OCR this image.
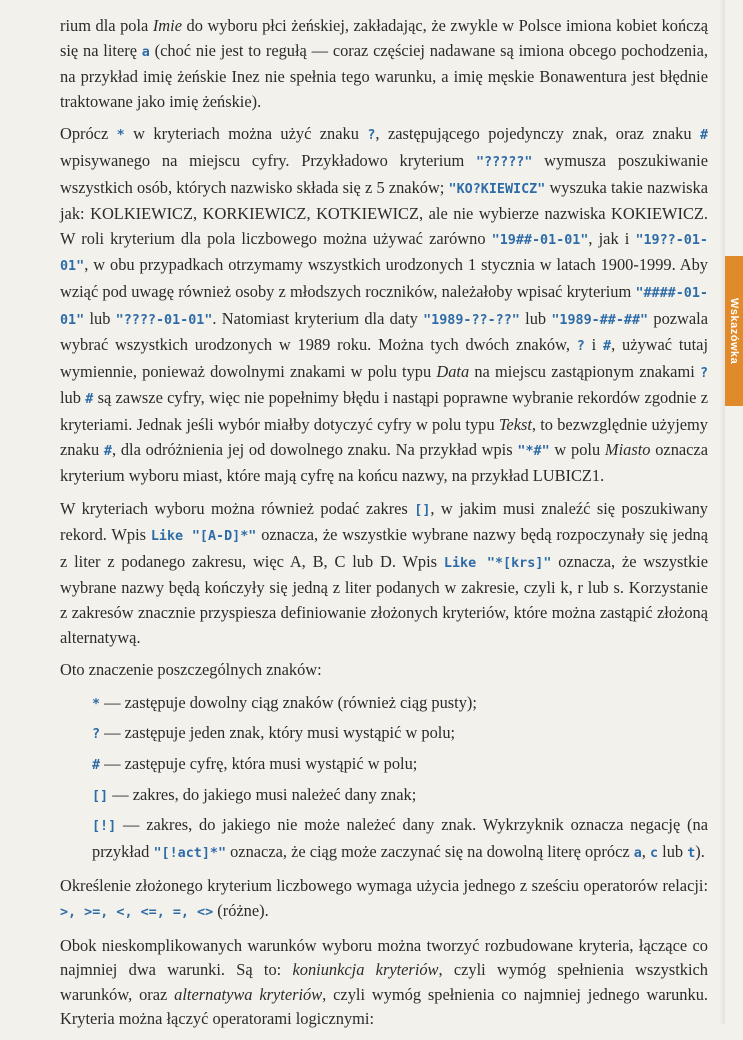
Wskazówka

rium dla pola Imie do wyboru płci żeńskiej, zakładając, że zwykle w Polsce imiona kobiet kończą się na literę a (choć nie jest to regułą — coraz częściej nadawane są imiona obcego pochodzenia, na przykład imię żeńskie Inez nie spełnia tego warunku, a imię męskie Bonawentura jest błędnie traktowane jako imię żeńskie).

Oprócz * w kryteriach można użyć znaku ?, zastępującego pojedynczy znak, oraz znaku # wpisywanego na miejscu cyfry. Przykładowo kryterium "?????" wymusza poszukiwanie wszystkich osób, których nazwisko składa się z 5 znaków; "KO?KIEWICZ" wyszuka takie nazwiska jak: KOLKIEWICZ, KORKIEWICZ, KOTKIEWICZ, ale nie wybierze nazwiska KOKIEWICZ. W roli kryterium dla pola liczbowego można używać zarówno "19##-01-01", jak i "19??-01-01", w obu przypadkach otrzymamy wszystkich urodzonych 1 stycznia w latach 1900-1999. Aby wziąć pod uwagę również osoby z młodszych roczników, należałoby wpisać kryterium "####-01-01" lub "????-01-01". Natomiast kryterium dla daty "1989-??-??" lub "1989-##-##" pozwala wybrać wszystkich urodzonych w 1989 roku. Można tych dwóch znaków, ? i #, używać tutaj wymiennie, ponieważ dowolnymi znakami w polu typu Data na miejscu zastąpionym znakami ? lub # są zawsze cyfry, więc nie popełnimy błędu i nastąpi poprawne wybranie rekordów zgodnie z kryteriami. Jednak jeśli wybór miałby dotyczyć cyfry w polu typu Tekst, to bezwzględnie użyjemy znaku #, dla odróżnienia jej od dowolnego znaku. Na przykład wpis "*#" w polu Miasto oznacza kryterium wyboru miast, które mają cyfrę na końcu nazwy, na przykład LUBICZ1.

W kryteriach wyboru można również podać zakres [], w jakim musi znaleźć się poszukiwany rekord. Wpis Like "[A-D]*" oznacza, że wszystkie wybrane nazwy będą rozpoczynały się jedną z liter z podanego zakresu, więc A, B, C lub D. Wpis Like "*[krs]" oznacza, że wszystkie wybrane nazwy będą kończyły się jedną z liter podanych w zakresie, czyli k, r lub s. Korzystanie z zakresów znacznie przyspiesza definiowanie złożonych kryteriów, które można zastąpić złożoną alternatywą.

Oto znaczenie poszczególnych znaków:

* — zastępuje dowolny ciąg znaków (również ciąg pusty);
? — zastępuje jeden znak, który musi wystąpić w polu;
# — zastępuje cyfrę, która musi wystąpić w polu;
[] — zakres, do jakiego musi należeć dany znak;
[!] — zakres, do jakiego nie może należeć dany znak. Wykrzyknik oznacza negację (na przykład "[!act]*" oznacza, że ciąg może zaczynać się na dowolną literę oprócz a, c lub t).

Określenie złożonego kryterium liczbowego wymaga użycia jednego z sześciu operatorów relacji: >, >=, <, <=, =, <> (różne).

Obok nieskomplikowanych warunków wyboru można tworzyć rozbudowane kryteria, łączące co najmniej dwa warunki. Są to: koniunkcja kryteriów, czyli wymóg spełnienia wszystkich warunków, oraz alternatywa kryteriów, czyli wymóg spełnienia co najmniej jednego warunku. Kryteria można łączyć operatorami logicznymi:
